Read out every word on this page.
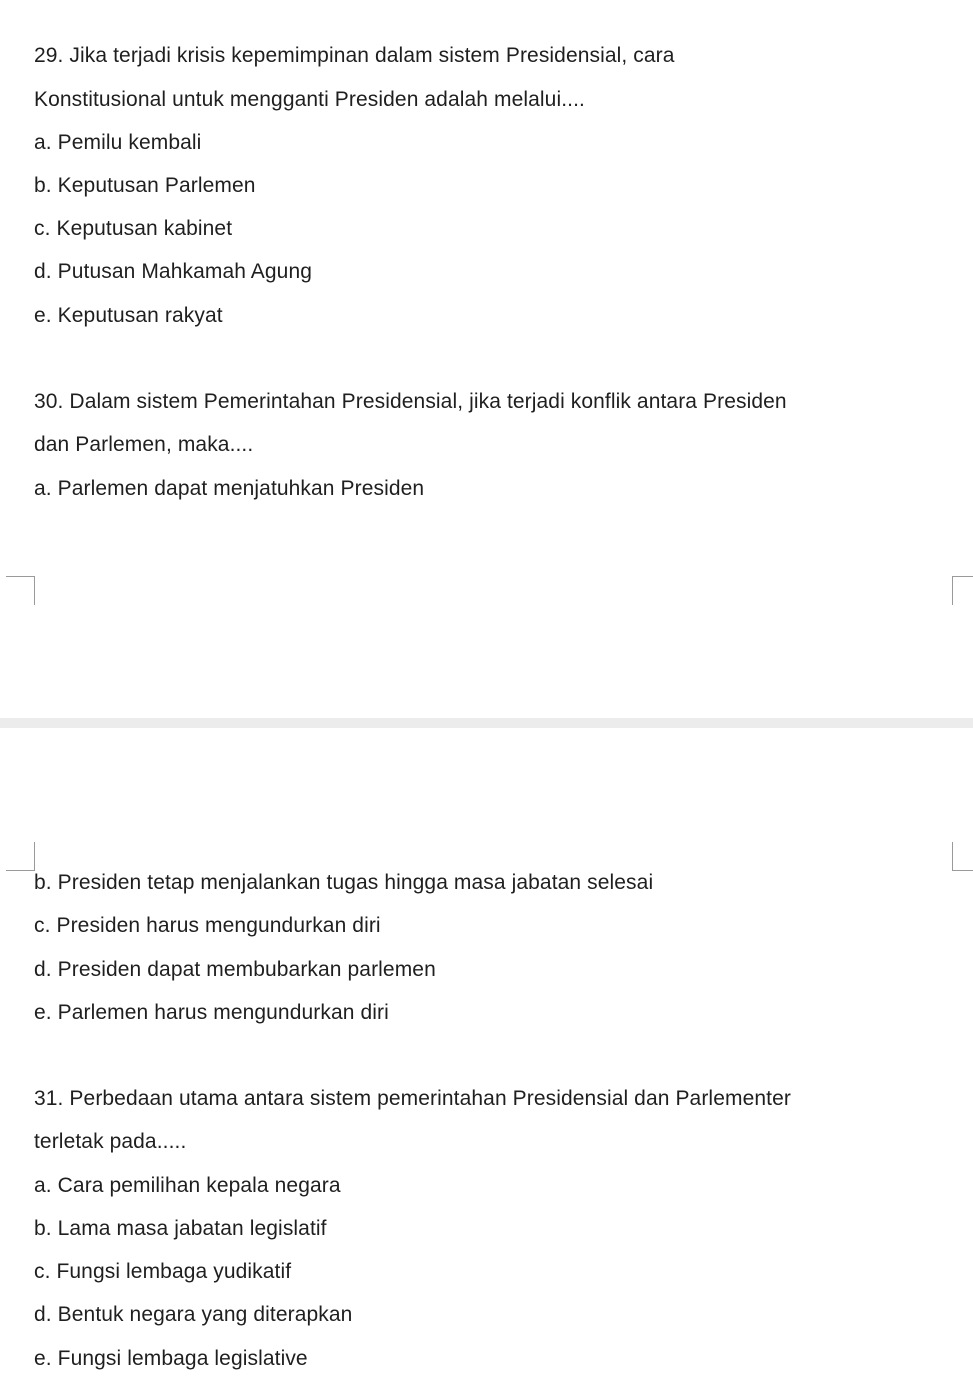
29. Jika terjadi krisis kepemimpinan dalam sistem Presidensial, cara
Konstitusional untuk mengganti Presiden adalah melalui....
a. Pemilu kembali
b. Keputusan Parlemen
c. Keputusan kabinet
d. Putusan Mahkamah Agung
e. Keputusan rakyat
30. Dalam sistem Pemerintahan Presidensial, jika terjadi konflik antara Presiden
dan Parlemen, maka....
a. Parlemen dapat menjatuhkan Presiden
b. Presiden tetap menjalankan tugas hingga masa jabatan selesai
c. Presiden harus mengundurkan diri
d. Presiden dapat membubarkan parlemen
e. Parlemen harus mengundurkan diri
31. Perbedaan utama antara sistem pemerintahan Presidensial dan Parlementer
terletak pada.....
a. Cara pemilihan kepala negara
b. Lama masa jabatan legislatif
c. Fungsi lembaga yudikatif
d. Bentuk negara yang diterapkan
e. Fungsi lembaga legislative
